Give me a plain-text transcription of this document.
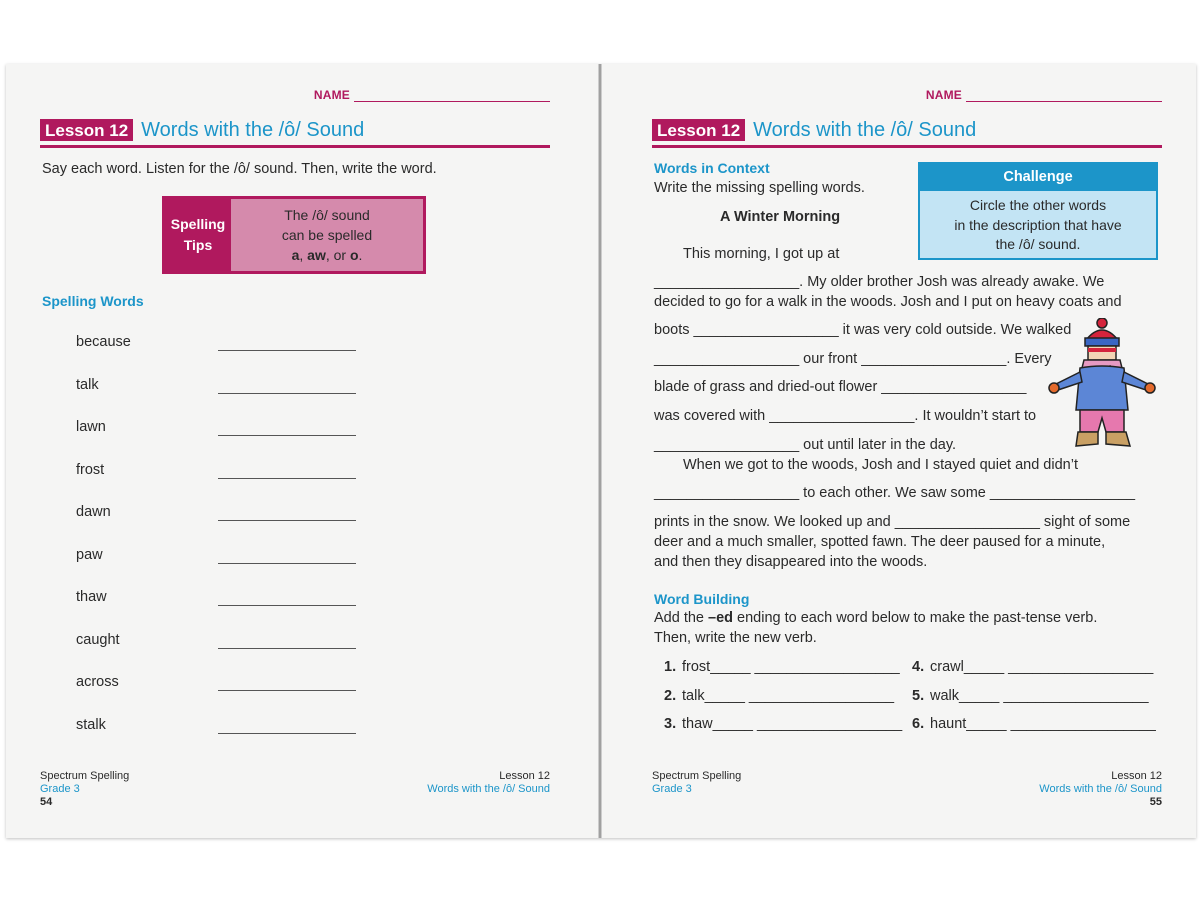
NAME
Lesson 12 Words with the /ô/ Sound
Say each word. Listen for the /ô/ sound. Then, write the word.
Spelling
Tips
The /ô/ sound
can be spelled
a, aw, or o.
Spelling Words
because
talk
lawn
frost
dawn
paw
thaw
caught
across
stalk
Spectrum Spelling
Grade 3
54
Lesson 12
Words with the /ô/ Sound
NAME
Lesson 12 Words with the /ô/ Sound
Words in Context
Write the missing spelling words.
Challenge
Circle the other words
in the description that have
the /ô/ sound.
A Winter Morning
This morning, I got up at
__________________. My older brother Josh was already awake. We
decided to go for a walk in the woods. Josh and I put on heavy coats and
boots __________________ it was very cold outside. We walked
__________________ our front __________________. Every
blade of grass and dried-out flower __________________
was covered with __________________. It wouldn’t start to
__________________ out until later in the day.
When we got to the woods, Josh and I stayed quiet and didn’t
__________________ to each other. We saw some __________________
prints in the snow. We looked up and __________________ sight of some
deer and a much smaller, spotted fawn. The deer paused for a minute,
and then they disappeared into the woods.
Word Building
Add the –ed ending to each word below to make the past-tense verb.
Then, write the new verb.
1. frost_____ __________________
2. talk_____ __________________
3. thaw_____ __________________
4. crawl_____ __________________
5. walk_____ __________________
6. haunt_____ __________________
Spectrum Spelling
Grade 3
Lesson 12
Words with the /ô/ Sound
55
